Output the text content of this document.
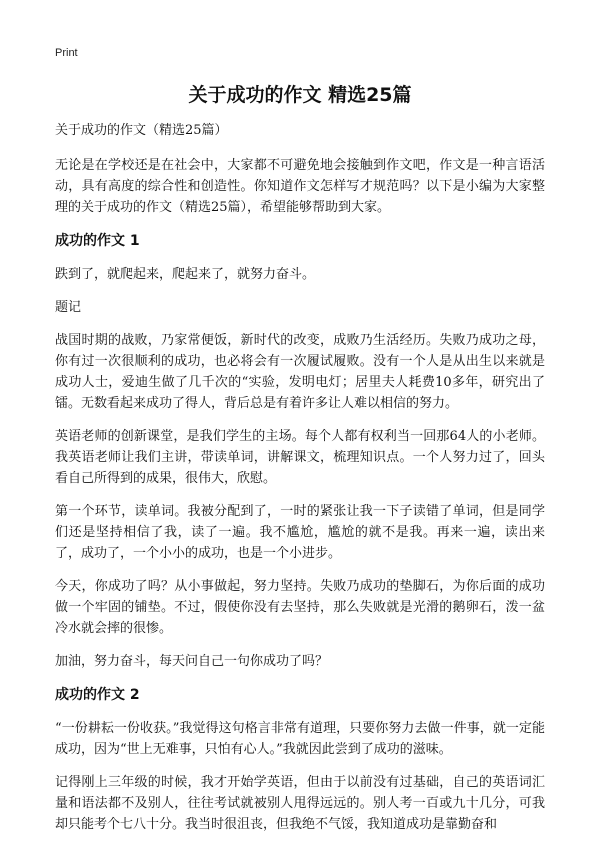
Print
关于成功的作文 精选25篇

关于成功的作文（精选25篇）

无论是在学校还是在社会中，大家都不可避免地会接触到作文吧，作文是一种言语活动，具有高度的综合性和创造性。你知道作文怎样写才规范吗？以下是小编为大家整理的关于成功的作文（精选25篇），希望能够帮助到大家。

成功的作文 1

跌到了，就爬起来，爬起来了，就努力奋斗。

题记

战国时期的战败，乃家常便饭，新时代的改变，成败乃生活经历。失败乃成功之母，你有过一次很顺利的成功，也必将会有一次履试履败。没有一个人是从出生以来就是成功人士，爱迪生做了几千次的“实验，发明电灯；居里夫人耗费10多年，研究出了镭。无数看起来成功了得人，背后总是有着许多让人难以相信的努力。

英语老师的创新课堂，是我们学生的主场。每个人都有权利当一回那64人的小老师。我英语老师让我们主讲，带读单词，讲解课文，梳理知识点。一个人努力过了，回头看自己所得到的成果，很伟大，欣慰。

第一个环节，读单词。我被分配到了，一时的紧张让我一下子读错了单词，但是同学们还是坚持相信了我，读了一遍。我不尴尬，尴尬的就不是我。再来一遍，读出来了，成功了，一个小小的成功，也是一个小进步。

今天，你成功了吗？从小事做起，努力坚持。失败乃成功的垫脚石，为你后面的成功做一个牢固的铺垫。不过，假使你没有去坚持，那么失败就是光滑的鹅卵石，泼一盆冷水就会摔的很惨。

加油，努力奋斗，每天问自己一句你成功了吗？

成功的作文 2

“一份耕耘一份收获。”我觉得这句格言非常有道理，只要你努力去做一件事，就一定能成功，因为“世上无难事，只怕有心人。”我就因此尝到了成功的滋味。

记得刚上三年级的时候，我才开始学英语，但由于以前没有过基础，自己的英语词汇量和语法都不及别人，往往考试就被别人甩得远远的。别人考一百或九十几分，可我却只能考个七八十分。我当时很沮丧，但我绝不气馁，我知道成功是靠勤奋和
